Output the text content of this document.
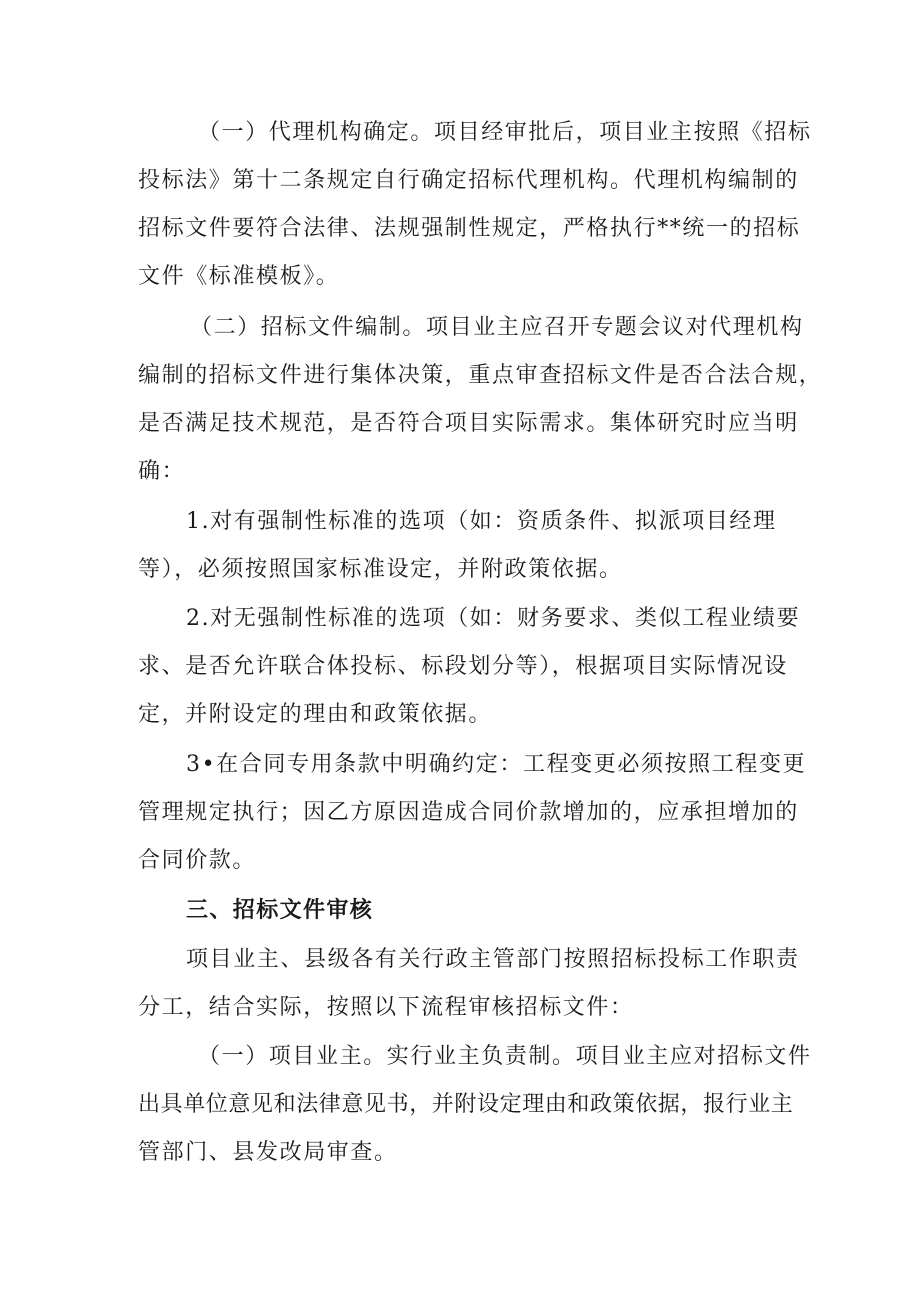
（一）代理机构确定。项目经审批后，项目业主按照《招标
投标法》第十二条规定自行确定招标代理机构。代理机构编制的
招标文件要符合法律、法规强制性规定，严格执行**统一的招标
文件《标准模板》。
（二）招标文件编制。项目业主应召开专题会议对代理机构
编制的招标文件进行集体决策，重点审查招标文件是否合法合规，
是否满足技术规范，是否符合项目实际需求。集体研究时应当明
确：
1.对有强制性标准的选项（如：资质条件、拟派项目经理
等），必须按照国家标准设定，并附政策依据。
2.对无强制性标准的选项（如：财务要求、类似工程业绩要
求、是否允许联合体投标、标段划分等），根据项目实际情况设
定，并附设定的理由和政策依据。
3•在合同专用条款中明确约定：工程变更必须按照工程变更
管理规定执行；因乙方原因造成合同价款增加的，应承担增加的
合同价款。
三、招标文件审核
项目业主、县级各有关行政主管部门按照招标投标工作职责
分工，结合实际，按照以下流程审核招标文件：
（一）项目业主。实行业主负责制。项目业主应对招标文件
出具单位意见和法律意见书，并附设定理由和政策依据，报行业主
管部门、县发改局审查。
